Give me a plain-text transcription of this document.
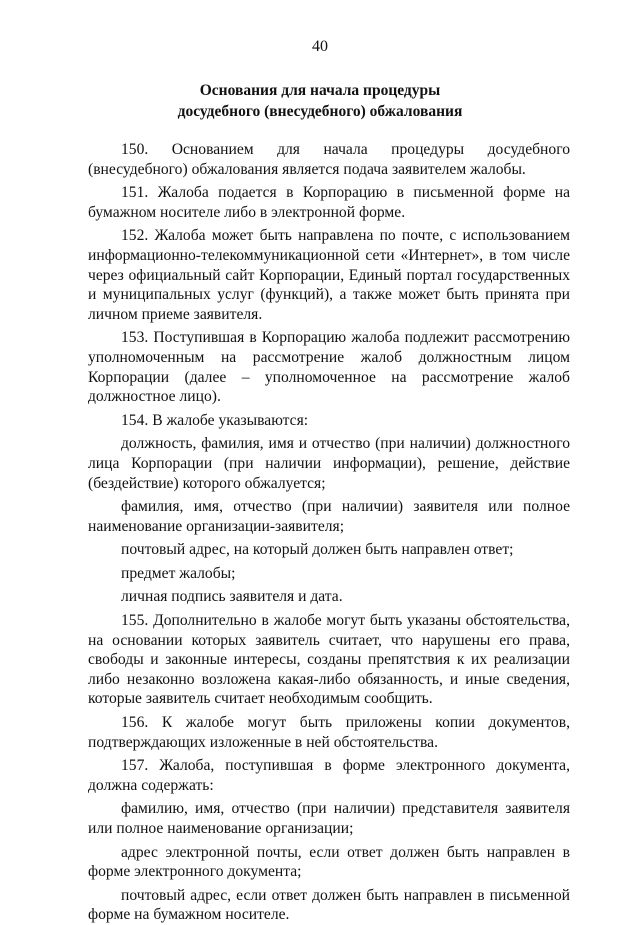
40
Основания для начала процедуры
досудебного (внесудебного) обжалования

150. Основанием для начала процедуры досудебного (внесудебного) обжалования является подача заявителем жалобы.

151. Жалоба подается в Корпорацию в письменной форме на бумажном носителе либо в электронной форме.

152. Жалоба может быть направлена по почте, с использованием информационно-телекоммуникационной сети «Интернет», в том числе через официальный сайт Корпорации, Единый портал государственных и муниципальных услуг (функций), а также может быть принята при личном приеме заявителя.

153. Поступившая в Корпорацию жалоба подлежит рассмотрению уполномоченным на рассмотрение жалоб должностным лицом Корпорации (далее – уполномоченное на рассмотрение жалоб должностное лицо).

154. В жалобе указываются:

должность, фамилия, имя и отчество (при наличии) должностного лица Корпорации (при наличии информации), решение, действие (бездействие) которого обжалуется;

фамилия, имя, отчество (при наличии) заявителя или полное наименование организации-заявителя;

почтовый адрес, на который должен быть направлен ответ;

предмет жалобы;

личная подпись заявителя и дата.

155. Дополнительно в жалобе могут быть указаны обстоятельства, на основании которых заявитель считает, что нарушены его права, свободы и законные интересы, созданы препятствия к их реализации либо незаконно возложена какая-либо обязанность, и иные сведения, которые заявитель считает необходимым сообщить.

156. К жалобе могут быть приложены копии документов, подтверждающих изложенные в ней обстоятельства.

157. Жалоба, поступившая в форме электронного документа, должна содержать:

фамилию, имя, отчество (при наличии) представителя заявителя или полное наименование организации;

адрес электронной почты, если ответ должен быть направлен в форме электронного документа;

почтовый адрес, если ответ должен быть направлен в письменной форме на бумажном носителе.
